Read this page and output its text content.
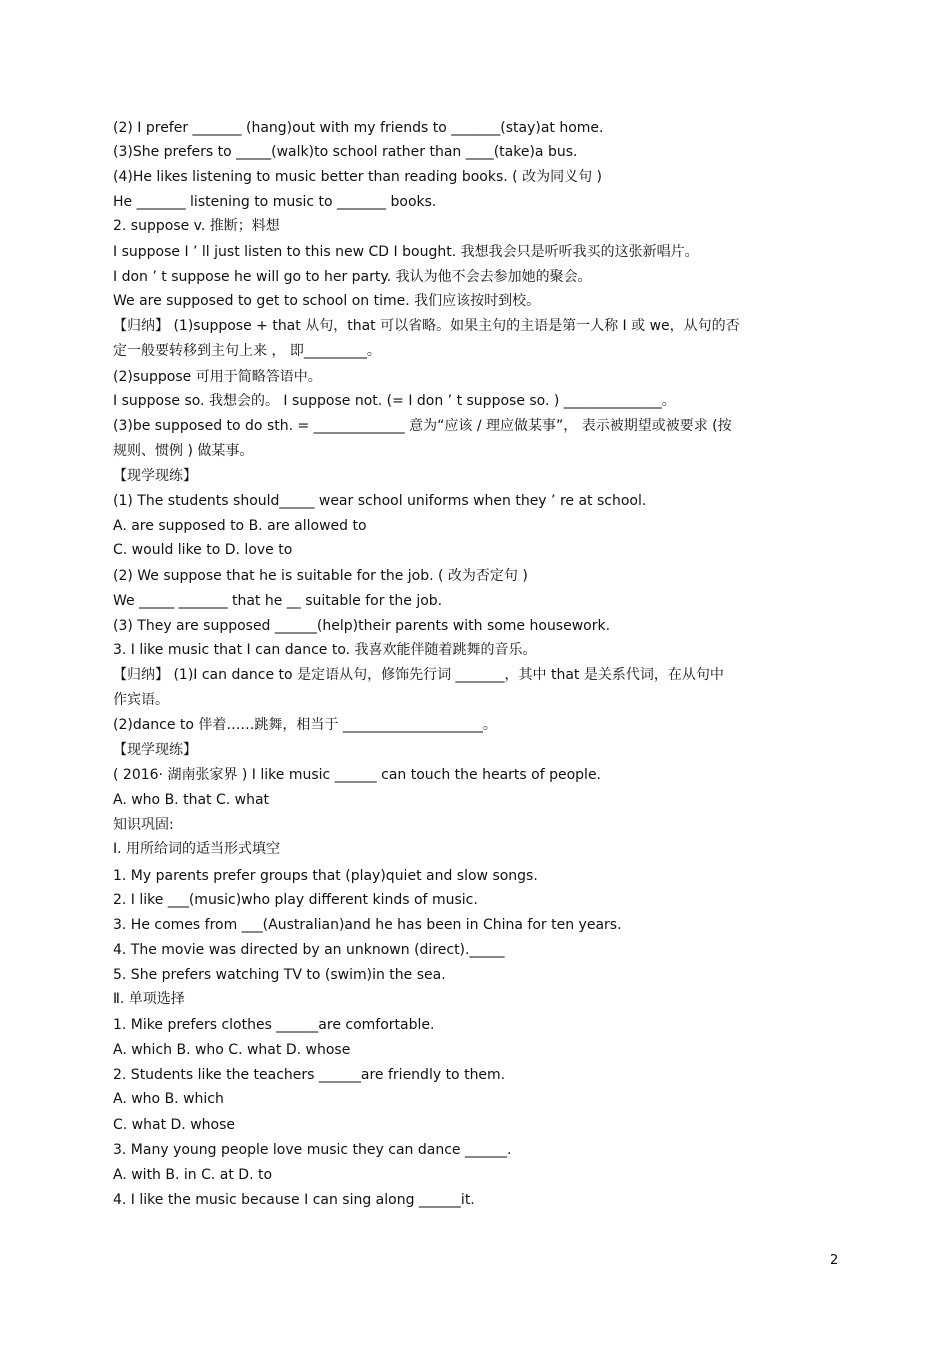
(2) I prefer _______ (hang)out with my friends to _______(stay)at home.
(3)She prefers to _____(walk)to school rather than ____(take)a bus.
(4)He likes listening to music better than reading books. ( 改为同义句 )
He _______ listening to music to _______ books.
2. suppose v. 推断；料想
I suppose I ’ ll just listen to this new CD I bought. 我想我会只是听听我买的这张新唱片。
I don ’ t suppose he will go to her party. 我认为他不会去参加她的聚会。
We are supposed to get to school on time. 我们应该按时到校。
【归纳】 (1)suppose + that 从句，that 可以省略。如果主句的主语是第一人称 I 或 we，从句的否
定一般要转移到主句上来 ， 即_________。
(2)suppose 可用于简略答语中。
I suppose so. 我想会的。 I suppose not. (= I don ’ t suppose so. ) ______________。
(3)be supposed to do sth. = _____________ 意为“应该 / 理应做某事”， 表示被期望或被要求 (按
规则、惯例 ) 做某事。
【现学现练】
(1) The students should_____ wear school uniforms when they ’ re at school.
A. are supposed to B. are allowed to
C. would like to D. love to
(2) We suppose that he is suitable for the job. ( 改为否定句 )
We _____ _______ that he __ suitable for the job.
(3) They are supposed ______(help)their parents with some housework.
3. I like music that I can dance to. 我喜欢能伴随着跳舞的音乐。
【归纳】 (1)I can dance to 是定语从句，修饰先行词 _______，其中 that 是关系代词，在从句中
作宾语。
(2)dance to 伴着……跳舞，相当于 ____________________。
【现学现练】
( 2016· 湖南张家界 ) I like music ______ can touch the hearts of people.
A. who B. that C. what
知识巩固:
Ⅰ. 用所给词的适当形式填空
1. My parents prefer groups that (play)quiet and slow songs.
2. I like ___(music)who play different kinds of music.
3. He comes from ___(Australian)and he has been in China for ten years.
4. The movie was directed by an unknown (direct)._____
5. She prefers watching TV to (swim)in the sea.
Ⅱ. 单项选择
1. Mike prefers clothes ______are comfortable.
A. which B. who C. what D. whose
2. Students like the teachers ______are friendly to them.
A. who B. which
C. what D. whose
3. Many young people love music they can dance ______.
A. with B. in C. at D. to
4. I like the music because I can sing along ______it.
2
